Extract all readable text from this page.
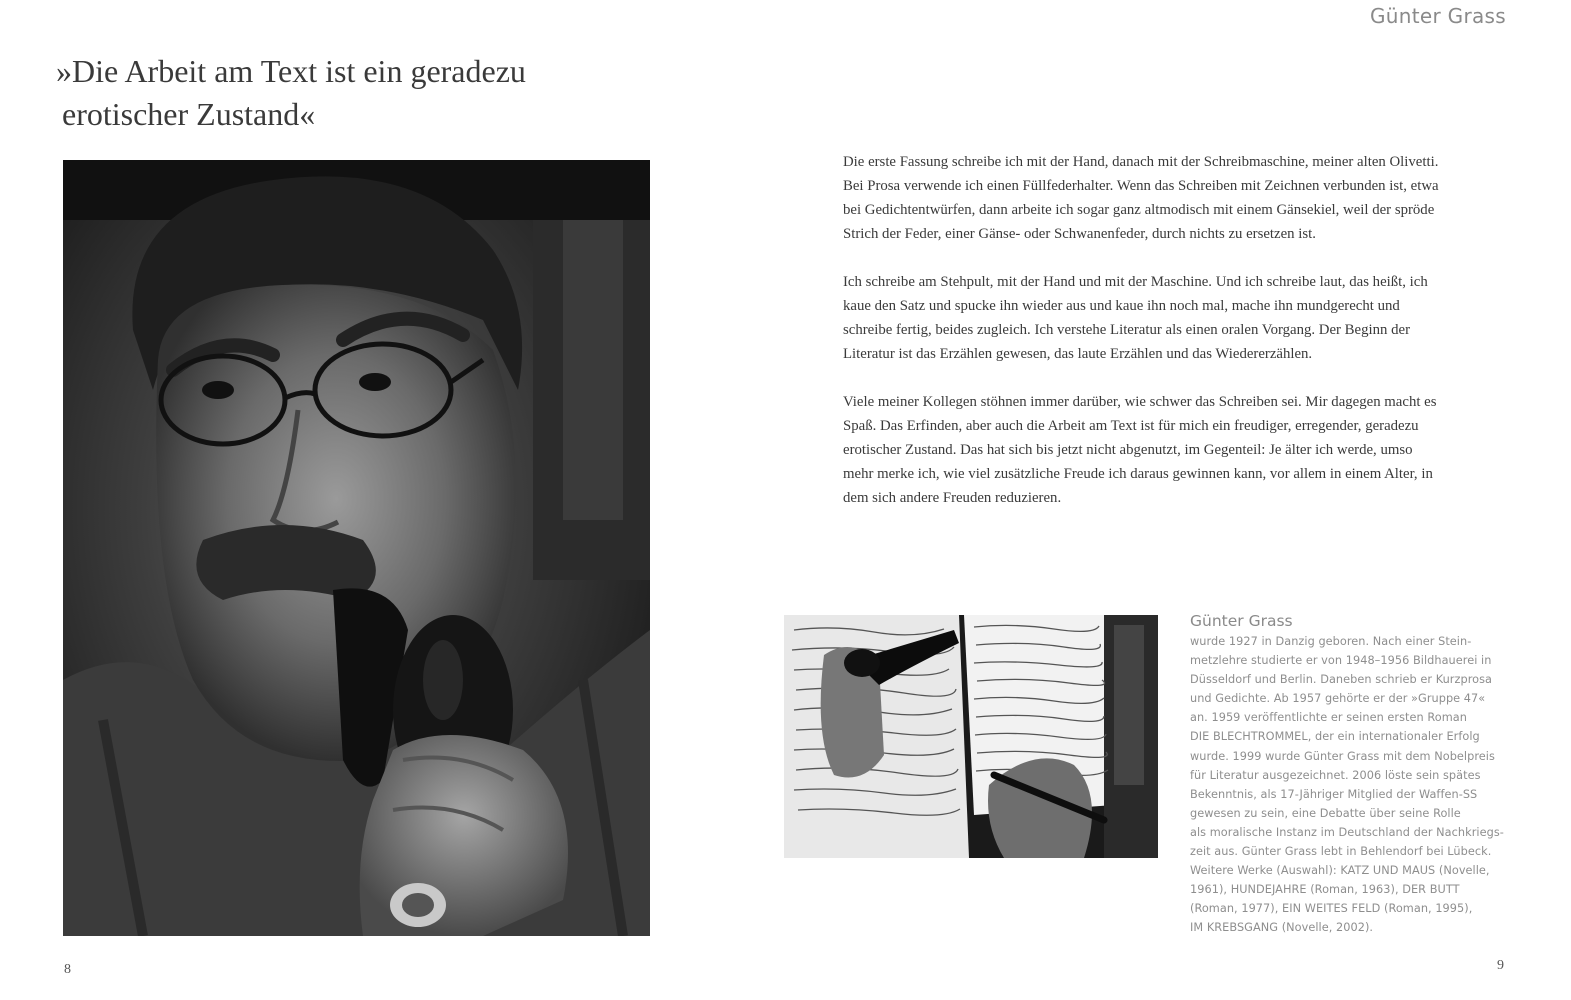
Günter Grass
»Die Arbeit am Text ist ein geradezu
erotischer Zustand«

Die erste Fassung schreibe ich mit der Hand, danach mit der Schreibmaschine, meiner alten Olivetti. Bei Prosa verwende ich einen Füllfederhalter. Wenn das Schreiben mit Zeichnen verbunden ist, etwa bei Gedichtentwürfen, dann arbeite ich sogar ganz altmodisch mit einem Gänsekiel, weil der spröde Strich der Feder, einer Gänse- oder Schwanenfeder, durch nichts zu ersetzen ist.

Ich schreibe am Stehpult, mit der Hand und mit der Maschine. Und ich schreibe laut, das heißt, ich kaue den Satz und spucke ihn wieder aus und kaue ihn noch mal, mache ihn mundgerecht und schreibe fertig, beides zugleich. Ich verstehe Literatur als einen oralen Vorgang. Der Beginn der Literatur ist das Erzählen gewesen, das laute Erzählen und das Wiedererzählen.

Viele meiner Kollegen stöhnen immer darüber, wie schwer das Schreiben sei. Mir dagegen macht es Spaß. Das Erfinden, aber auch die Arbeit am Text ist für mich ein freudiger, erregender, geradezu erotischer Zustand. Das hat sich bis jetzt nicht abgenutzt, im Gegenteil: Je älter ich werde, umso mehr merke ich, wie viel zusätzliche Freude ich daraus gewinnen kann, vor allem in einem Alter, in dem sich andere Freuden reduzieren.

Günter Grass
wurde 1927 in Danzig geboren. Nach einer Stein-
metzlehre studierte er von 1948–1956 Bildhauerei in
Düsseldorf und Berlin. Daneben schrieb er Kurzprosa
und Gedichte. Ab 1957 gehörte er der »Gruppe 47«
an. 1959 veröffentlichte er seinen ersten Roman
DIE BLECHTROMMEL, der ein internationaler Erfolg
wurde. 1999 wurde Günter Grass mit dem Nobelpreis
für Literatur ausgezeichnet. 2006 löste sein spätes
Bekenntnis, als 17-Jähriger Mitglied der Waffen-SS
gewesen zu sein, eine Debatte über seine Rolle
als moralische Instanz im Deutschland der Nachkriegs-
zeit aus. Günter Grass lebt in Behlendorf bei Lübeck.
Weitere Werke (Auswahl): KATZ UND MAUS (Novelle,
1961), HUNDEJAHRE (Roman, 1963), DER BUTT
(Roman, 1977), EIN WEITES FELD (Roman, 1995),
IM KREBSGANG (Novelle, 2002).
8	9
